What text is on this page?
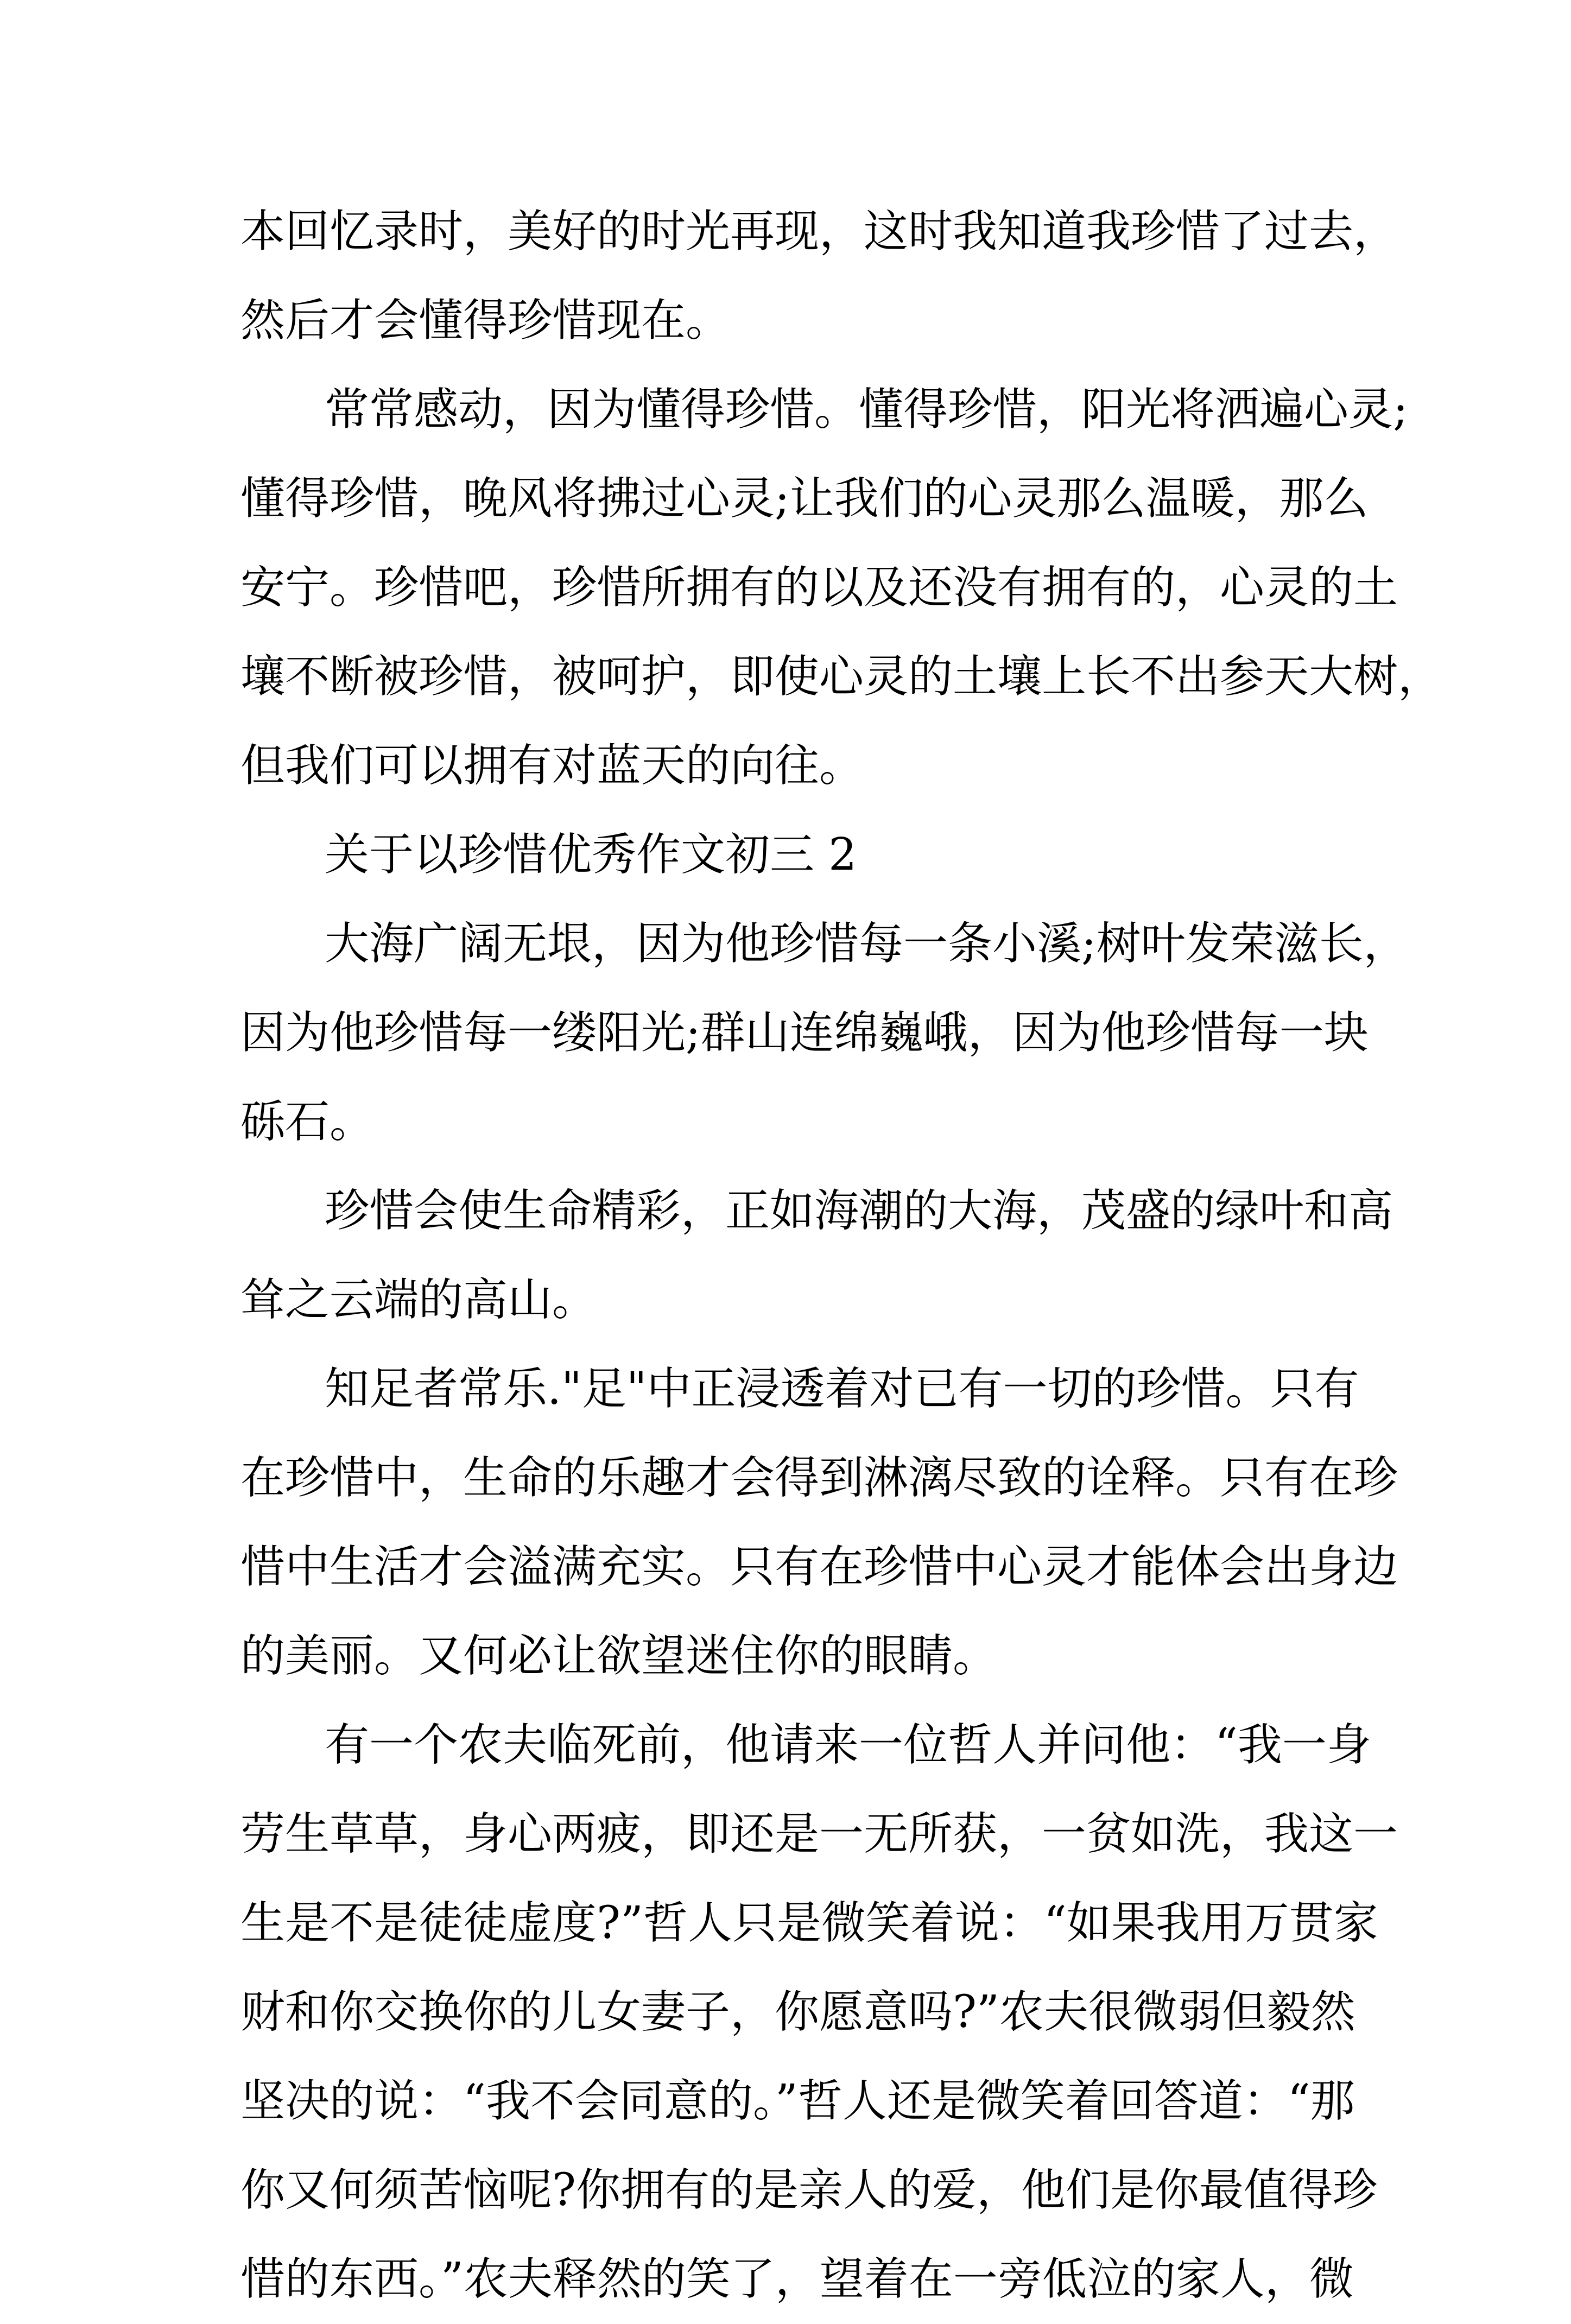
本回忆录时，美好的时光再现，这时我知道我珍惜了过去，
然后才会懂得珍惜现在。
常常感动，因为懂得珍惜。懂得珍惜，阳光将洒遍心灵;
懂得珍惜，晚风将拂过心灵;让我们的心灵那么温暖，那么
安宁。珍惜吧，珍惜所拥有的以及还没有拥有的，心灵的土
壤不断被珍惜，被呵护，即使心灵的土壤上长不出参天大树，
但我们可以拥有对蓝天的向往。
关于以珍惜优秀作文初三 2
大海广阔无垠，因为他珍惜每一条小溪;树叶发荣滋长，
因为他珍惜每一缕阳光;群山连绵巍峨，因为他珍惜每一块
砾石。
珍惜会使生命精彩，正如海潮的大海，茂盛的绿叶和高
耸之云端的高山。
知足者常乐."足"中正浸透着对已有一切的珍惜。只有
在珍惜中，生命的乐趣才会得到淋漓尽致的诠释。只有在珍
惜中生活才会溢满充实。只有在珍惜中心灵才能体会出身边
的美丽。又何必让欲望迷住你的眼睛。
有一个农夫临死前，他请来一位哲人并问他：“我一身
劳生草草，身心两疲，即还是一无所获，一贫如洗，我这一
生是不是徒徒虚度?”哲人只是微笑着说：“如果我用万贯家
财和你交换你的儿女妻子，你愿意吗?”农夫很微弱但毅然
坚决的说：“我不会同意的。”哲人还是微笑着回答道：“那
你又何须苦恼呢?你拥有的是亲人的爱，他们是你最值得珍
惜的东西。”农夫释然的笑了，望着在一旁低泣的家人，微
